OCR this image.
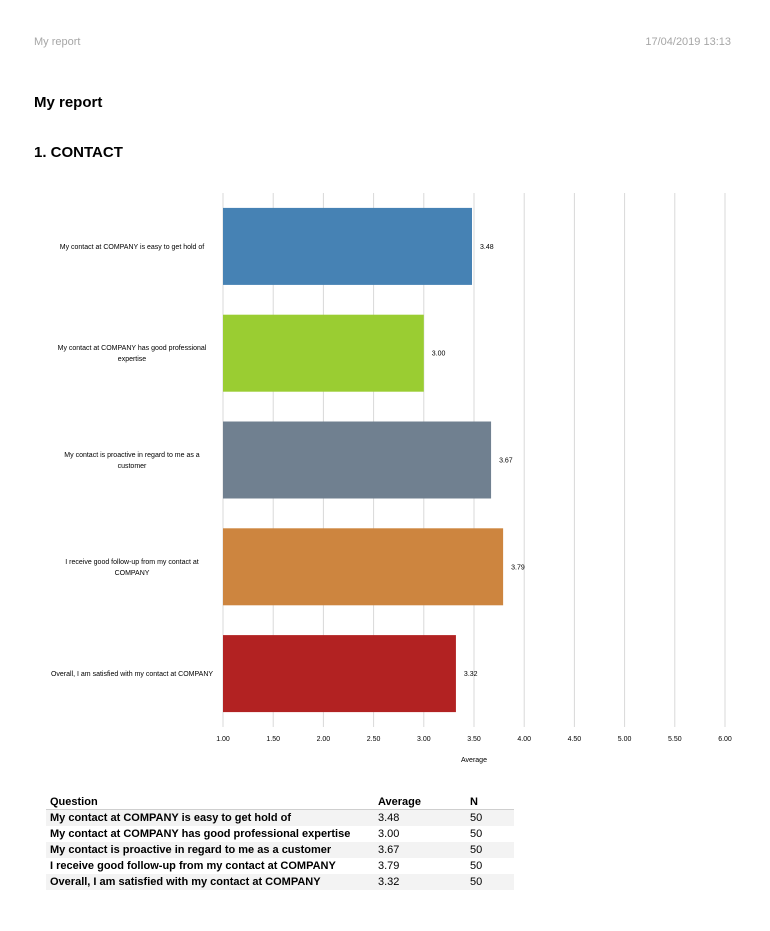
My report	17/04/2019 13:13
My report
1. CONTACT
My contact at COMPANY is easy to get hold of
My contact at COMPANY has good professional expertise
My contact is proactive in regard to me as a customer
I receive good follow-up from my contact at COMPANY
Overall, I am satisfied with my contact at COMPANY
3.48
3.00
3.67
3.79
3.32
1.00	1.50	2.00	2.50	3.00	3.50	4.00	4.50	5.00	5.50	6.00
Average
Question	Average	N
My contact at COMPANY is easy to get hold of	3.48	50
My contact at COMPANY has good professional expertise	3.00	50
My contact is proactive in regard to me as a customer	3.67	50
I receive good follow-up from my contact at COMPANY	3.79	50
Overall, I am satisfied with my contact at COMPANY	3.32	50
